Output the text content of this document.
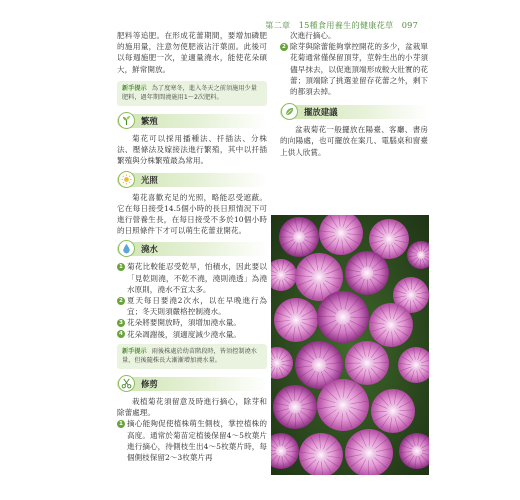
第二章　15種食用養生的健康花草　097

肥料等追肥。在形成花蕾期間，要增加磷肥的施用量，注意勿使肥液沾汙葉面。此後可以每週施肥一次，並適量澆水，能使花朵碩大，鮮常開放。

新手提示 為了度寒冬，進入冬天之前須施用少量肥料，過年期間澆施用1～2次肥料。
繁殖

菊花可以採用播種法、扦插法、分株法、壓條法及嫁接法進行繁殖，其中以扦插繁殖與分株繁殖最為常用。

光照

菊花喜歡充足的光照，略能忍受遮蔽。它在每日接受14.5個小時的長日照情況下可進行營養生長，在每日接受不多於10個小時的日照條件下才可以萌生花蕾並開花。

澆水
1 菊花比較能忍受乾旱，怕積水，因此要以「見乾則澆，不乾不澆，澆則澆透」為澆水原則，澆水不宜太多。
2 夏天每日要澆2次水，以在早晚進行為宜；冬天則須嚴格控制澆水。
3 花朵將要開放時，須增加澆水量。
4 花朵凋謝後，須適度減少澆水量。
新手提示 雨後株處於幼苗階段時，皆須控制澆水量，但後隨株長大漸漸增加澆水量。
修剪

栽植菊花須留意及時進行摘心，除芽和除蕾處理。

1 摘心能夠促使植株萌生側枝，掌控植株的高度。通常於菊苗定植後保留4～5枚葉片進行摘心，待側枝生出4～5枚葉片時，每個側枝保留2～3枚葉片再

次進行摘心。

2 除芽與除蕾能夠掌控開花的多少，盆栽單花菊通常僅保留頂芽，莖幹生出的小芽須儘早抹去，以促進頂端形成較大壯實的花蕾；頂端除了挑選並留存花蕾之外，剩下的都須去掉。
擺放建議

盆栽菊花一般擺放在陽臺、客廳、書房的向陽處，也可擺放在案几、電腦桌和窗臺上供人欣賞。
